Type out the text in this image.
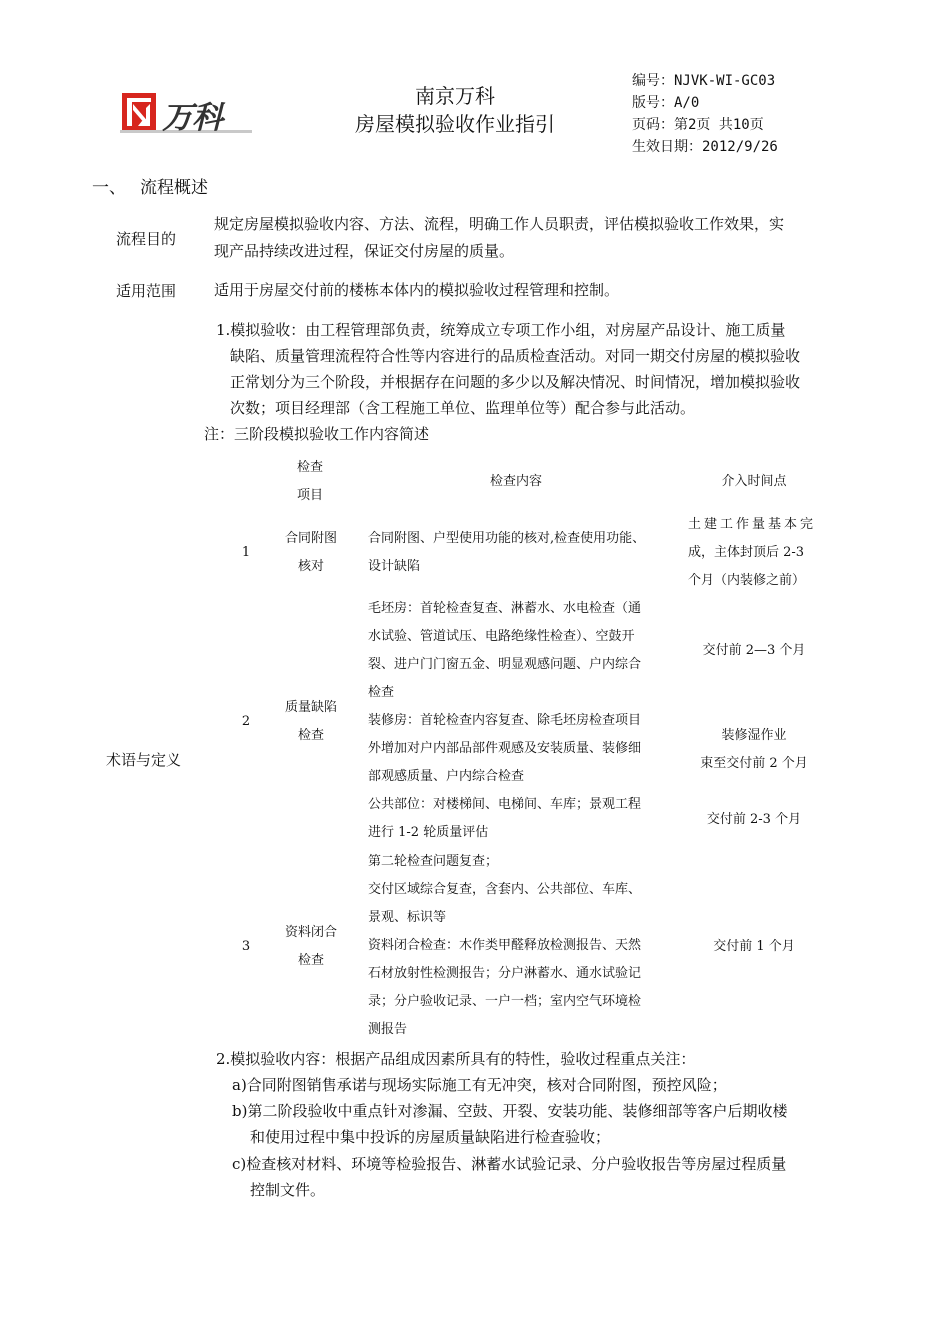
万科
南京万科
房屋模拟验收作业指引
编号：NJVK-WI-GC03
版号：A/0
页码：第2页 共10页
生效日期：2012/9/26
一、 流程概述
流程目的
规定房屋模拟验收内容、方法、流程，明确工作人员职责，评估模拟验收工作效果，实
现产品持续改进过程，保证交付房屋的质量。
适用范围	适用于房屋交付前的楼栋本体内的模拟验收过程管理和控制。
1.模拟验收：由工程管理部负责，统筹成立专项工作小组，对房屋产品设计、施工质量
缺陷、质量管理流程符合性等内容进行的品质检查活动。对同一期交付房屋的模拟验收
正常划分为三个阶段，并根据存在问题的多少以及解决情况、时间情况，增加模拟验收
次数；项目经理部（含工程施工单位、监理单位等）配合参与此活动。
注：三阶段模拟验收工作内容简述
术语与定义
检查
项目
检查内容	介入时间点
1
合同附图
核对
合同附图、户型使用功能的核对,检查使用功能、
设计缺陷
土建工作量基本完
成，主体封顶后 2-3
个月（内装修之前）
2
质量缺陷
检查
毛坯房：首轮检查复查、淋蓄水、水电检查（通
水试验、管道试压、电路绝缘性检查）、空鼓开
裂、进户门门窗五金、明显观感问题、户内综合
检查
装修房：首轮检查内容复查、除毛坯房检查项目
外增加对户内部品部件观感及安装质量、装修细
部观感质量、户内综合检查
公共部位：对楼梯间、电梯间、车库；景观工程
进行 1-2 轮质量评估
交付前 2—3 个月
装修湿作业
束至交付前 2 个月
交付前 2-3 个月
3
资料闭合
检查
第二轮检查问题复查；
交付区域综合复查，含套内、公共部位、车库、
景观、标识等
资料闭合检查：木作类甲醛释放检测报告、天然
石材放射性检测报告；分户淋蓄水、通水试验记
录；分户验收记录、一户一档；室内空气环境检
测报告
交付前 1 个月
2.模拟验收内容：根据产品组成因素所具有的特性，验收过程重点关注：
a)合同附图销售承诺与现场实际施工有无冲突，核对合同附图，预控风险；
b)第二阶段验收中重点针对渗漏、空鼓、开裂、安装功能、装修细部等客户后期收楼
和使用过程中集中投诉的房屋质量缺陷进行检查验收；
c)检查核对材料、环境等检验报告、淋蓄水试验记录、分户验收报告等房屋过程质量
控制文件。
